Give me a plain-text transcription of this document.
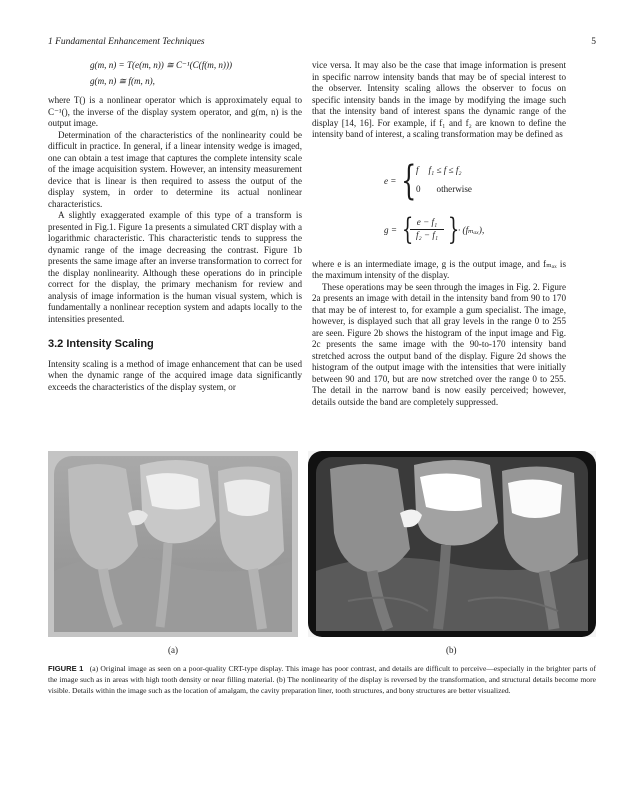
1 Fundamental Enhancement Techniques	5
g(m, n) = T(e(m, n)) ≅ C⁻¹(C(f(m, n)))
g(m, n) ≅ f(m, n),

where T() is a nonlinear operator which is approximately equal to C⁻¹(), the inverse of the display system operator, and g(m, n) is the output image.

Determination of the characteristics of the nonlinearity could be difficult in practice. In general, if a linear intensity wedge is imaged, one can obtain a test image that captures the complete intensity scale of the image acquisition system. However, an intensity measurement device that is linear is then required to assess the output of the display system, in order to determine its actual nonlinear characteristics.

A slightly exaggerated example of this type of a transform is presented in Fig.1. Figure 1a presents a simulated CRT display with a logarithmic characteristic. This characteristic tends to suppress the dynamic range of the image decreasing the contrast. Figure 1b presents the same image after an inverse transformation to correct for the display nonlinearity. Although these operations do in principle correct for the display, the primary mechanism for review and analysis of image information is the human visual system, which is fundamentally a nonlinear reception system and adapts locally to the intensities presented.

3.2 Intensity Scaling

Intensity scaling is a method of image enhancement that can be used when the dynamic range of the acquired image data significantly exceeds the characteristics of the display system, or

vice versa. It may also be the case that image information is present in specific narrow intensity bands that may be of special interest to the observer. Intensity scaling allows the observer to focus on specific intensity bands in the image by modifying the image such that the intensity band of interest spans the dynamic range of the display [14, 16]. For example, if f₁ and f₂ are known to define the intensity band of interest, a scaling transformation may be defined as

e = { f f₁ ≤ f ≤ f₂
0 otherwise
g = {
$\frac{\text{e − f₁}}{\text{f₂ − f₁}}$ }
· (fₘₐₓ),

where e is an intermediate image, g is the output image, and fₘₐₓ is the maximum intensity of the display.

These operations may be seen through the images in Fig. 2. Figure 2a presents an image with detail in the intensity band from 90 to 170 that may be of interest to, for example a gum specialist. The image, however, is displayed such that all gray levels in the range 0 to 255 are seen. Figure 2b shows the histogram of the input image and Fig. 2c presents the same image with the 90-to-170 intensity band stretched across the output band of the display. Figure 2d shows the histogram of the output image with the intensities that were initially between 90 and 170, but are now stretched over the range 0 to 255. The detail in the narrow band is now easily perceived; however, details outside the band are completely suppressed.

(a)	(b)
FIGURE 1 (a) Original image as seen on a poor-quality CRT-type display. This image has poor contrast, and details are difficult to perceive—especially in the brighter parts of the image such as in areas with high tooth density or near filling material. (b) The nonlinearity of the display is reversed by the transformation, and structural details become more visible. Details within the image such as the location of amalgam, the cavity preparation liner, tooth structures, and bony structures are better visualized.
